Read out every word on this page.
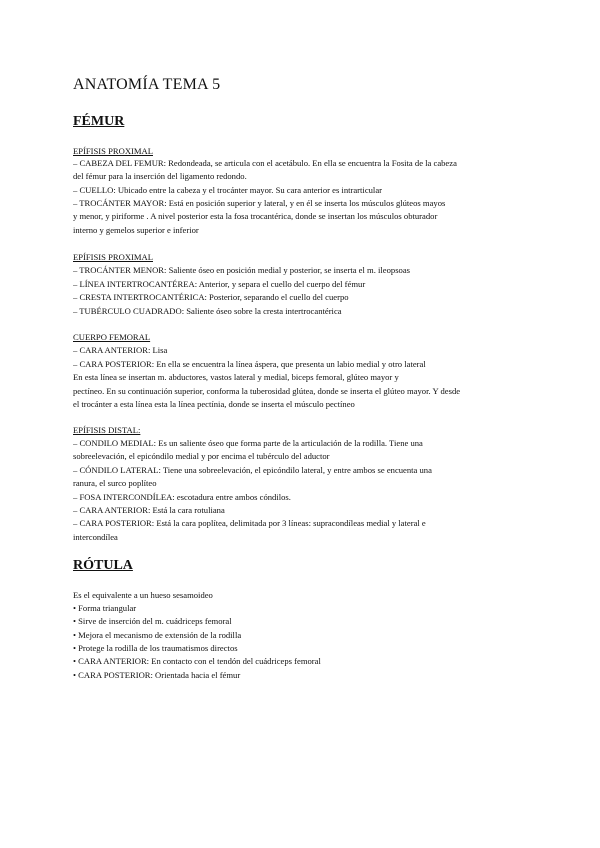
ANATOMÍA TEMA 5
FÉMUR
EPÍFISIS PROXIMAL
– CABEZA DEL FEMUR: Redondeada, se articula con el acetábulo. En ella se encuentra la Fosita de la cabeza
del fémur para la inserción del ligamento redondo.
– CUELLO: Ubicado entre la cabeza y el trocánter mayor. Su cara anterior es intrarticular
– TROCÁNTER MAYOR: Está en posición superior y lateral, y en él se inserta los músculos glúteos mayos
y menor, y piriforme . A nivel posterior esta la fosa trocantérica, donde se insertan los músculos obturador
interno y gemelos superior e inferior
EPÍFISIS PROXIMAL
– TROCÁNTER MENOR: Saliente óseo en posición medial y posterior, se inserta el m. ileopsoas
– LÍNEA INTERTROCANTÉREA: Anterior, y separa el cuello del cuerpo del fémur
– CRESTA INTERTROCANTÉRICA: Posterior, separando el cuello del cuerpo
– TUBÉRCULO CUADRADO: Saliente óseo sobre la cresta intertrocantérica
CUERPO FEMORAL
– CARA ANTERIOR: Lisa
– CARA POSTERIOR: En ella se encuentra la línea áspera, que presenta un labio medial y otro lateral
En esta línea se insertan m. abductores, vastos lateral y medial, biceps femoral, glúteo mayor y
pectíneo. En su continuación superior, conforma la tuberosidad glútea, donde se inserta el glúteo mayor. Y desde
el trocánter a esta línea esta la línea pectínia, donde se inserta el músculo pectíneo
EPÍFISIS DISTAL:
– CONDILO MEDIAL: Es un saliente óseo que forma parte de la articulación de la rodilla. Tiene una
sobreelevación, el epicóndilo medial y por encima el tubérculo del aductor
– CÓNDILO LATERAL: Tiene una sobreelevación, el epicóndilo lateral, y entre ambos se encuenta una
ranura, el surco poplíteo
– FOSA INTERCONDÍLEA: escotadura entre ambos cóndilos.
– CARA ANTERIOR: Está la cara rotuliana
– CARA POSTERIOR: Está la cara poplítea, delimitada por 3 líneas: supracondíleas medial y lateral e
intercondílea
RÓTULA
Es el equivalente a un hueso sesamoideo
• Forma triangular
• Sirve de inserción del m. cuádriceps femoral
• Mejora el mecanismo de extensión de la rodilla
• Protege la rodilla de los traumatismos directos
• CARA ANTERIOR: En contacto con el tendón del cuádriceps femoral
• CARA POSTERIOR: Orientada hacia el fémur
